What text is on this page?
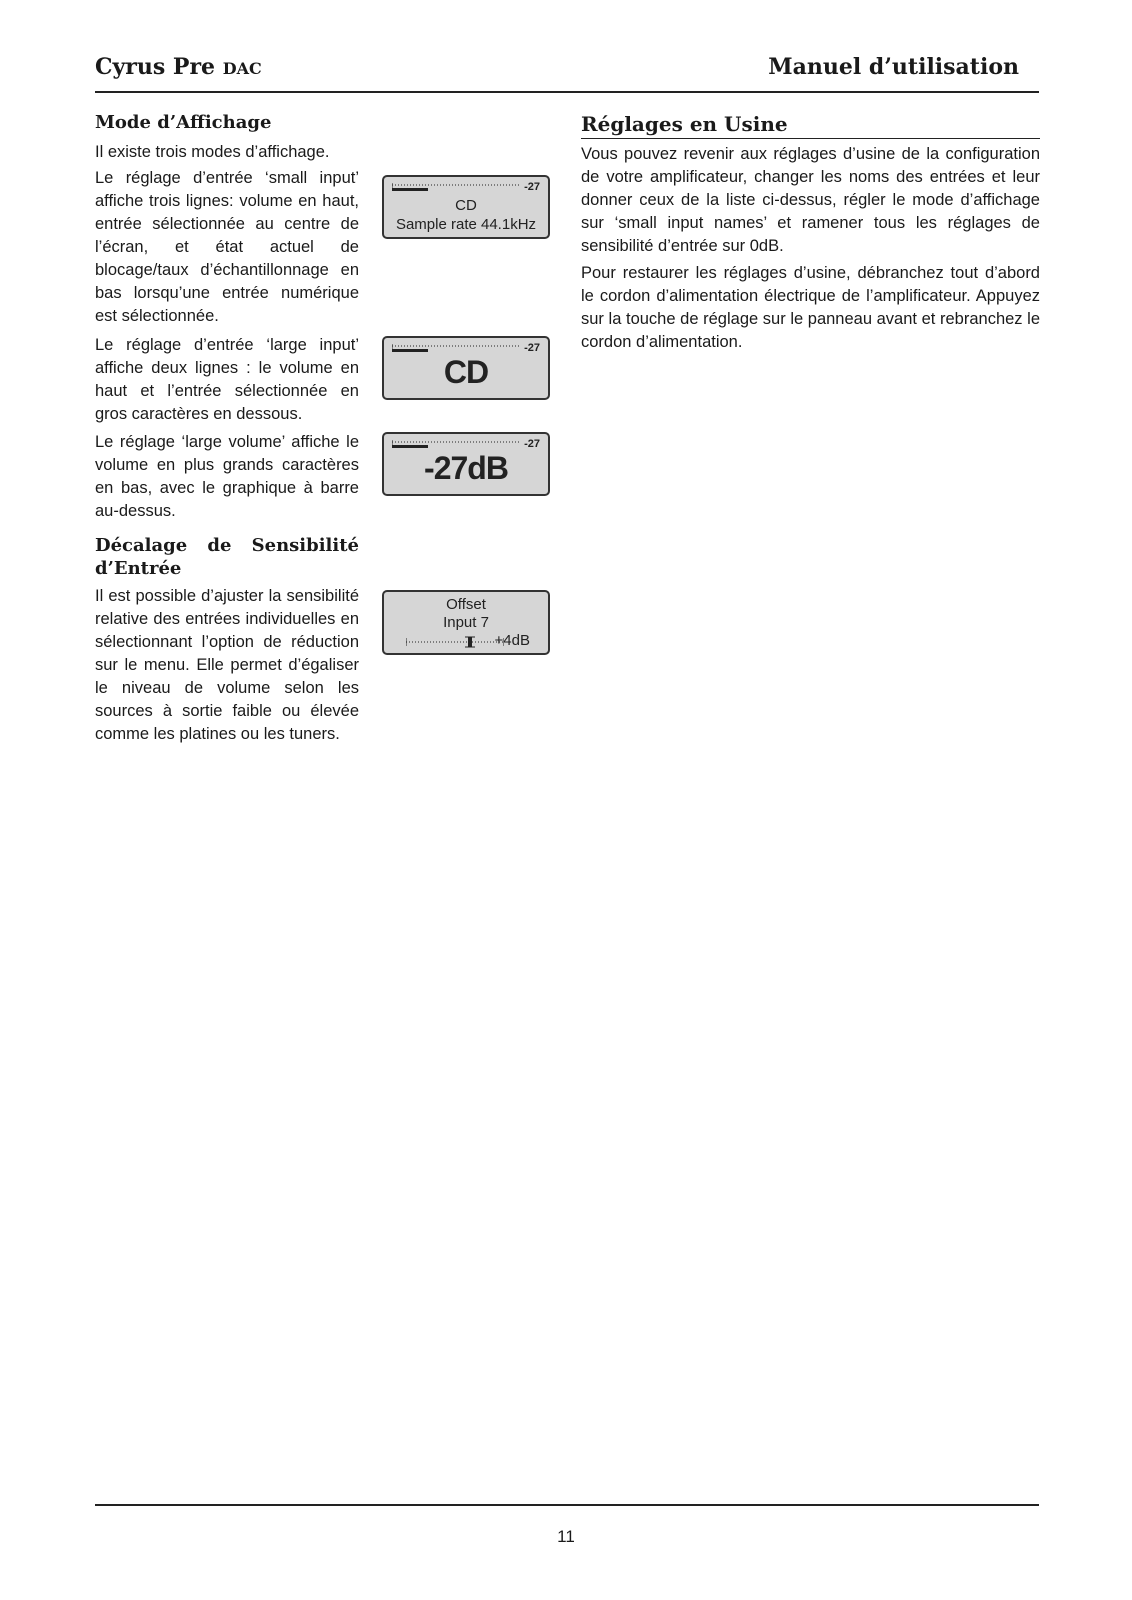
Cyrus Pre DAC	Manuel d’utilisation
Mode d’Affichage

Il existe trois modes d’affichage.

Le réglage d’entrée ‘small input’ affiche trois lignes: volume en haut, entrée sélectionnée au centre de l’écran, et état actuel de blocage/taux d’échantillonnage en bas lorsqu’une entrée numérique est sélectionnée.

Le réglage d’entrée ‘large input’ affiche deux lignes : le volume en haut et l’entrée sélectionnée en gros caractères en dessous.

Le réglage ‘large volume’ affiche le volume en plus grands caractères en bas, avec le graphique à barre au-dessus.

Décalage de Sensibilité
d’Entrée

Il est possible d’ajuster la sensibilité relative des entrées individuelles en sélectionnant l’option de réduction sur le menu. Elle permet d’égaliser le niveau de volume selon les sources à sortie faible ou élevée comme les platines ou les tuners.

-27
CD
Sample rate 44.1kHz
-27
CD
-27
-27dB
Offset
Input 7
+4dB
Réglages en Usine

Vous pouvez revenir aux réglages d’usine de la configuration de votre amplificateur, changer les noms des entrées et leur donner ceux de la liste ci-dessus, régler le mode d’affichage sur ‘small input names’ et ramener tous les réglages de sensibilité d’entrée sur 0dB.

Pour restaurer les réglages d’usine, débranchez tout d’abord le cordon d’alimentation électrique de l’amplificateur. Appuyez sur la touche de réglage sur le panneau avant et rebranchez le cordon d’alimentation.

11
